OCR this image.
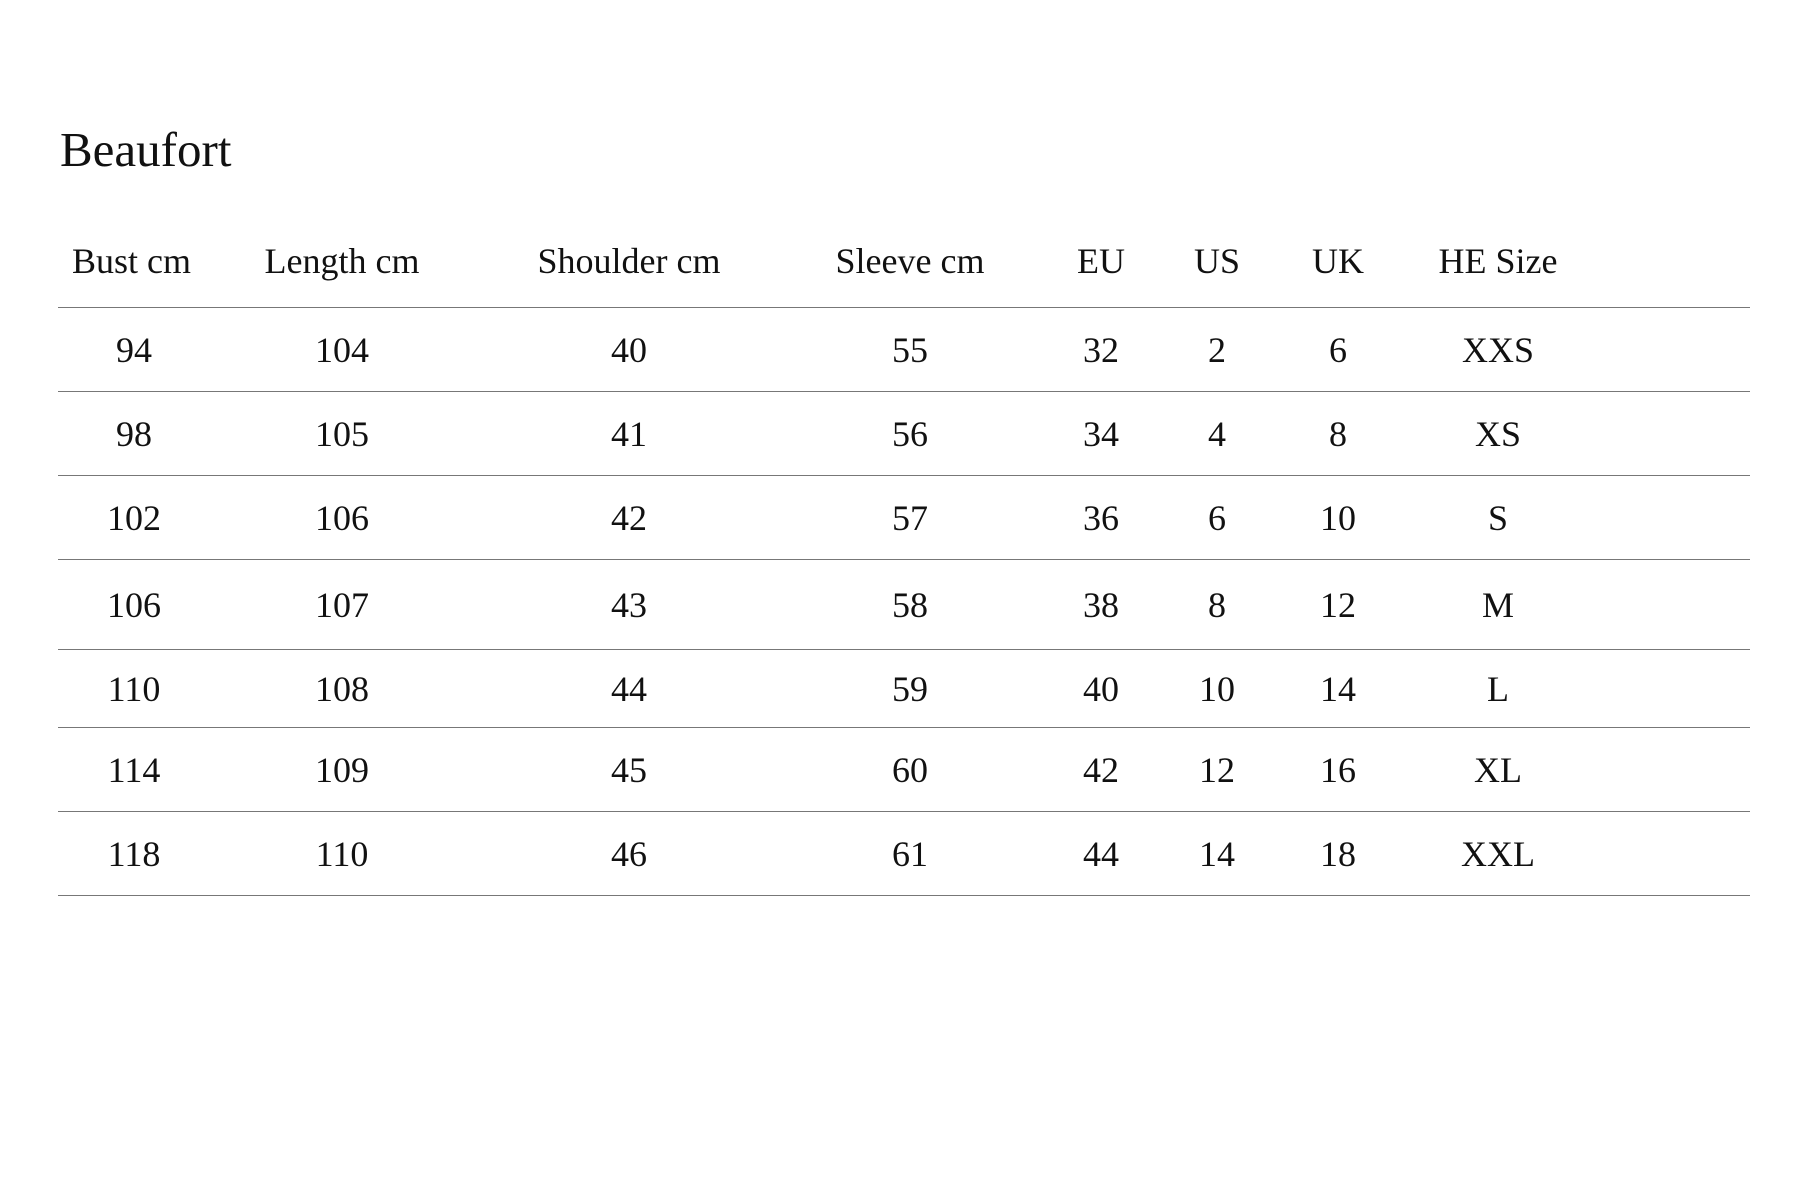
Beaufort
Bust cm	Length cm	Shoulder cm	Sleeve cm	EU	US	UK	HE Size
94	104	40	55	32	2	6	XXS
98	105	41	56	34	4	8	XS
102	106	42	57	36	6	10	S
106	107	43	58	38	8	12	M
110	108	44	59	40	10	14	L
114	109	45	60	42	12	16	XL
118	110	46	61	44	14	18	XXL
